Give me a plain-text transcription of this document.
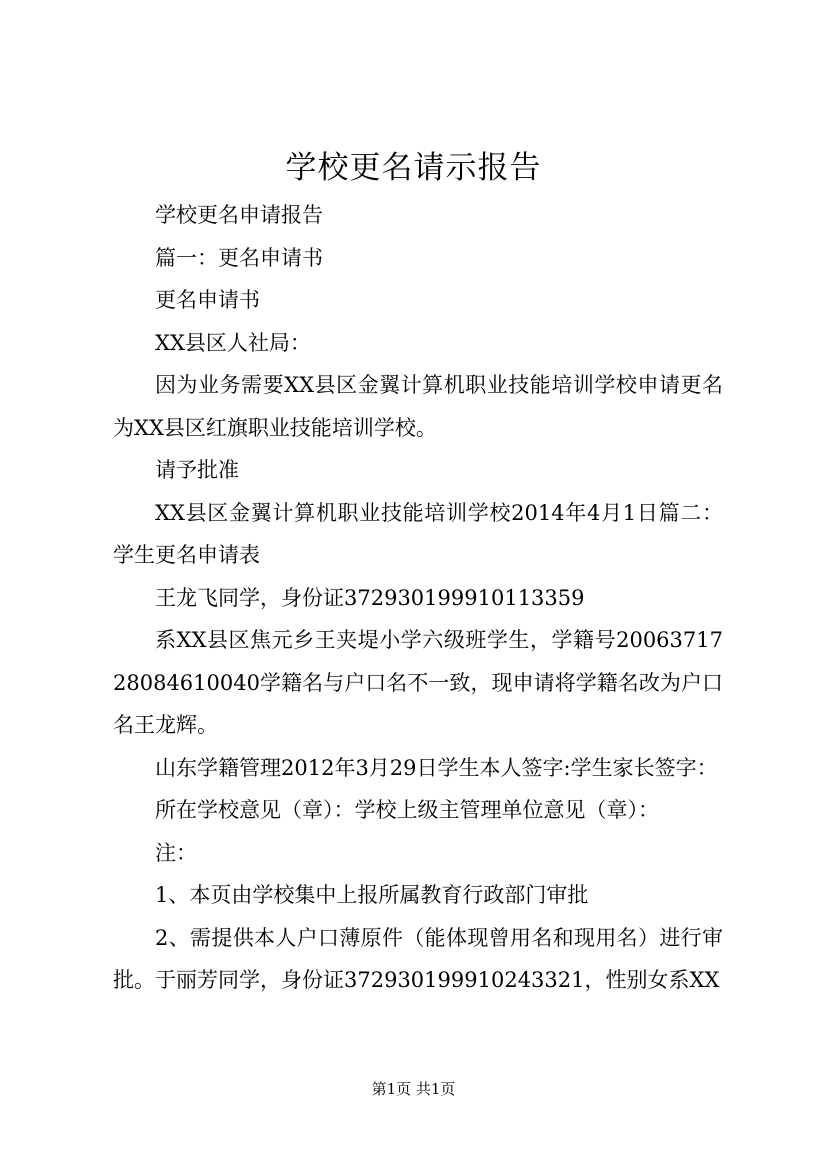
学校更名请示报告

学校更名申请报告

篇一：更名申请书

更名申请书

XX县区人社局：

因为业务需要XX县区金翼计算机职业技能培训学校申请更名为XX县区红旗职业技能培训学校。

请予批准

XX县区金翼计算机职业技能培训学校2014年4月1日篇二：学生更名申请表

王龙飞同学，身份证372930199910113359

系XX县区焦元乡王夹堤小学六级班学生，学籍号2006371728084610040学籍名与户口名不一致，现申请将学籍名改为户口名王龙辉。

山东学籍管理2012年3月29日学生本人签字:学生家长签字：

所在学校意见（章）：学校上级主管理单位意见（章）：

注：

1、本页由学校集中上报所属教育行政部门审批

2、需提供本人户口薄原件（能体现曾用名和现用名）进行审批。于丽芳同学，身份证372930199910243321，性别女系XX

第1页 共1页
